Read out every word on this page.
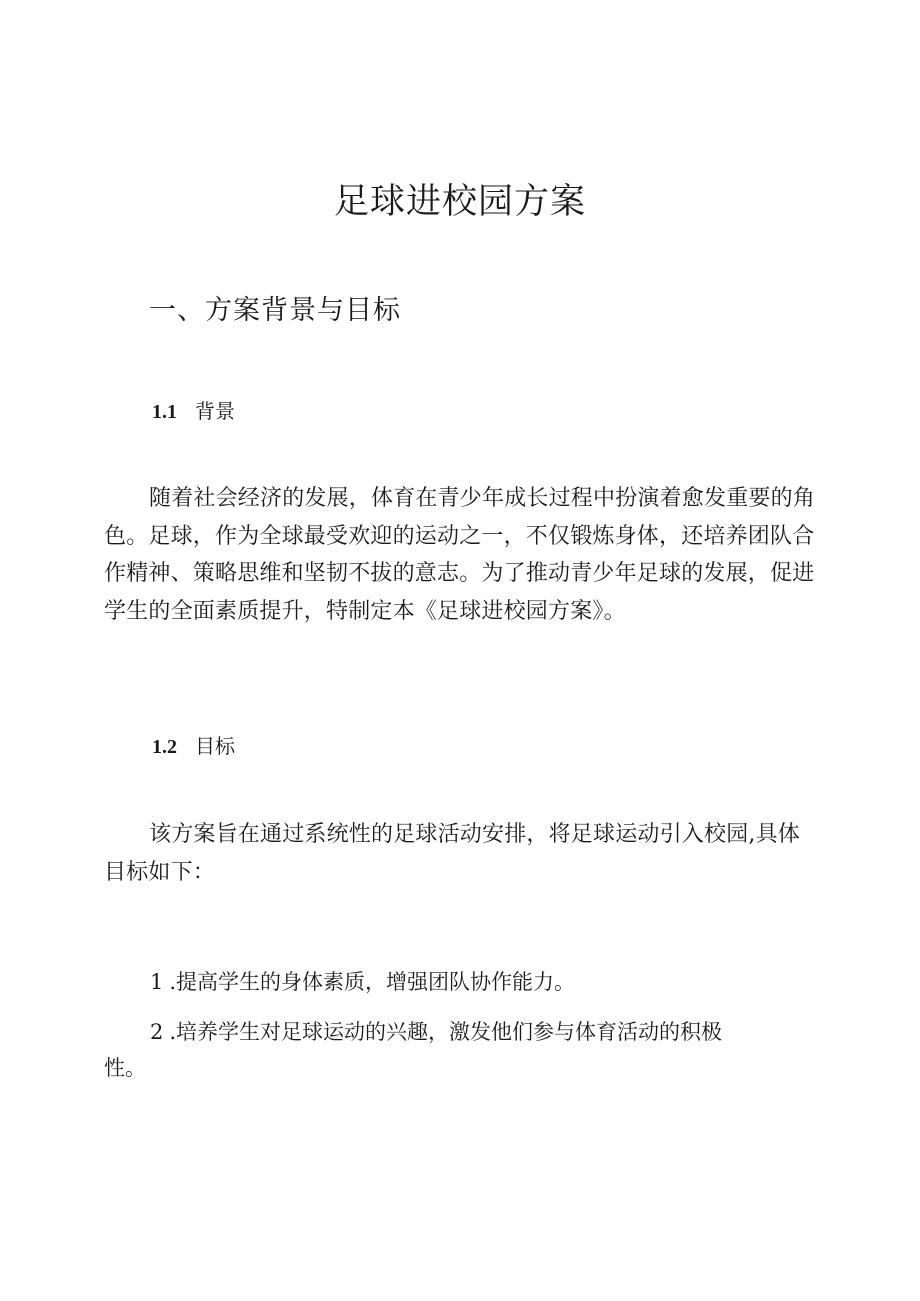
足球进校园方案
一、方案背景与目标
1.1 背景

随着社会经济的发展，体育在青少年成长过程中扮演着愈发重要的角色。足球，作为全球最受欢迎的运动之一，不仅锻炼身体，还培养团队合作精神、策略思维和坚韧不拔的意志。为了推动青少年足球的发展，促进学生的全面素质提升，特制定本《足球进校园方案》。

1.2 目标

该方案旨在通过系统性的足球活动安排，将足球运动引入校园,具体目标如下：

1 .提高学生的身体素质，增强团队协作能力。

2 .培养学生对足球运动的兴趣，激发他们参与体育活动的积极性。
